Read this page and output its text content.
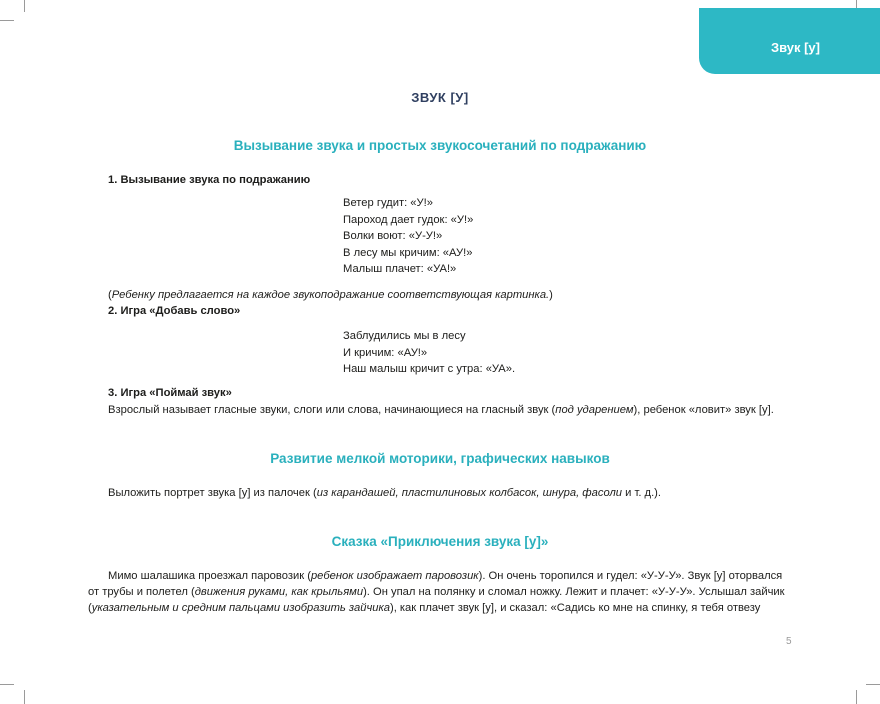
Звук [у]
ЗВУК [У]
Вызывание звука и простых звукосочетаний по подражанию
1. Вызывание звука по подражанию
Ветер гудит: «У!»
Пароход дает гудок: «У!»
Волки воют: «У-У!»
В лесу мы кричим: «АУ!»
Малыш плачет: «УА!»
(Ребенку предлагается на каждое звукоподражание соответствующая картинка.)
2. Игра «Добавь слово»
Заблудились мы в лесу
И кричим: «АУ!»
Наш малыш кричит с утра: «УА».
3. Игра «Поймай звук»
Взрослый называет гласные звуки, слоги или слова, начинающиеся на гласный звук (под ударением), ребенок «ловит» звук [у].
Развитие мелкой моторики, графических навыков
Выложить портрет звука [у] из палочек (из карандашей, пластилиновых колбасок, шнура, фасоли и т. д.).
Сказка «Приключения звука [у]»
Мимо шалашика проезжал паровозик (ребенок изображает паровозик). Он очень торопился и гудел: «У-У-У». Звук [у] оторвался
от трубы и полетел (движения руками, как крыльями). Он упал на полянку и сломал ножку. Лежит и плачет: «У-У-У». Услышал зайчик
(указательным и средним пальцами изобразить зайчика), как плачет звук [у], и сказал: «Садись ко мне на спинку, я тебя отвезу
5
